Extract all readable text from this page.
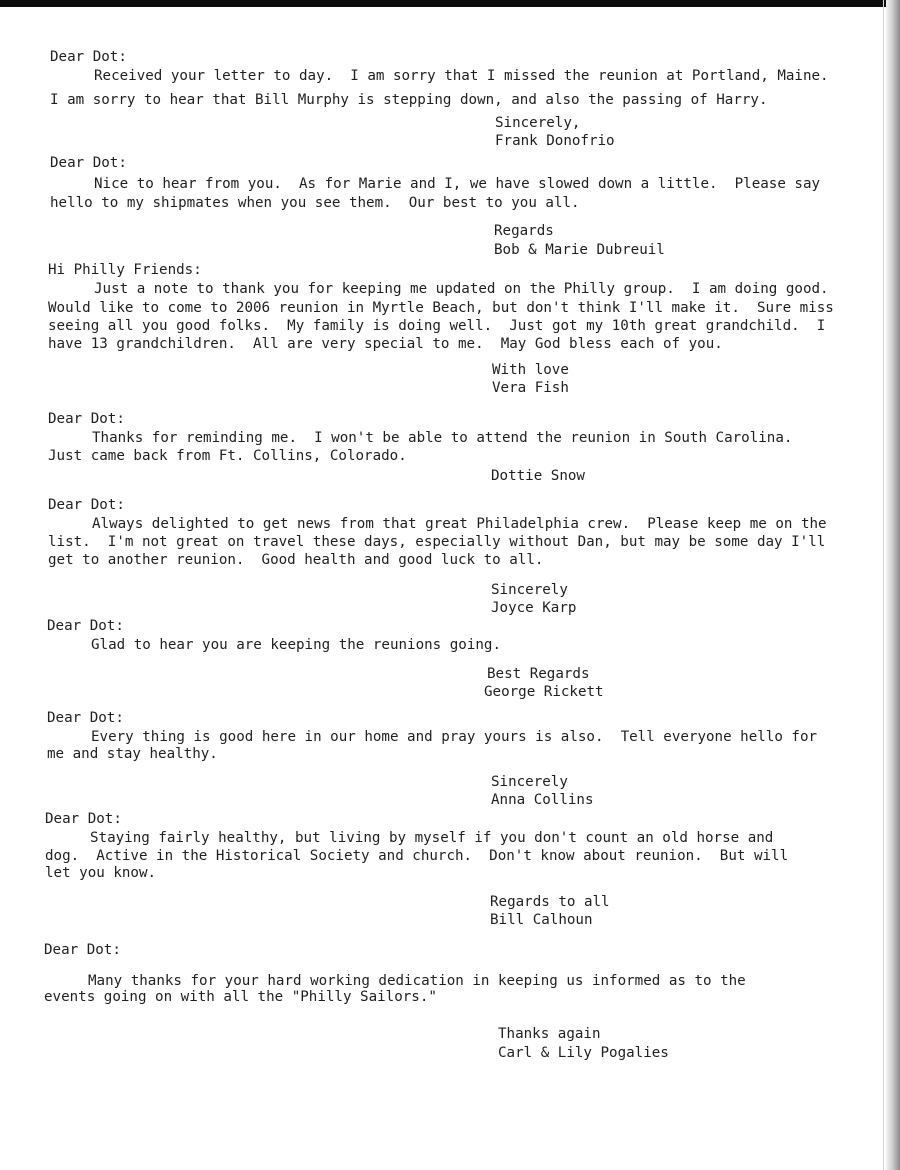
Dear Dot:
Received your letter to day.  I am sorry that I missed the reunion at Portland, Maine.
I am sorry to hear that Bill Murphy is stepping down, and also the passing of Harry.
Sincerely,
Frank Donofrio
Dear Dot:
Nice to hear from you.  As for Marie and I, we have slowed down a little.  Please say
hello to my shipmates when you see them.  Our best to you all.
Regards
Bob & Marie Dubreuil
Hi Philly Friends:
Just a note to thank you for keeping me updated on the Philly group.  I am doing good.
Would like to come to 2006 reunion in Myrtle Beach, but don't think I'll make it.  Sure miss
seeing all you good folks.  My family is doing well.  Just got my 10th great grandchild.  I
have 13 grandchildren.  All are very special to me.  May God bless each of you.
With love
Vera Fish
Dear Dot:
Thanks for reminding me.  I won't be able to attend the reunion in South Carolina.
Just came back from Ft. Collins, Colorado.
Dottie Snow
Dear Dot:
Always delighted to get news from that great Philadelphia crew.  Please keep me on the
list.  I'm not great on travel these days, especially without Dan, but may be some day I'll
get to another reunion.  Good health and good luck to all.
Sincerely
Joyce Karp
Dear Dot:
Glad to hear you are keeping the reunions going.
Best Regards
George Rickett
Dear Dot:
Every thing is good here in our home and pray yours is also.  Tell everyone hello for
me and stay healthy.
Sincerely
Anna Collins
Dear Dot:
Staying fairly healthy, but living by myself if you don't count an old horse and
dog.  Active in the Historical Society and church.  Don't know about reunion.  But will
let you know.
Regards to all
Bill Calhoun
Dear Dot:
Many thanks for your hard working dedication in keeping us informed as to the
events going on with all the "Philly Sailors."
Thanks again
Carl & Lily Pogalies
